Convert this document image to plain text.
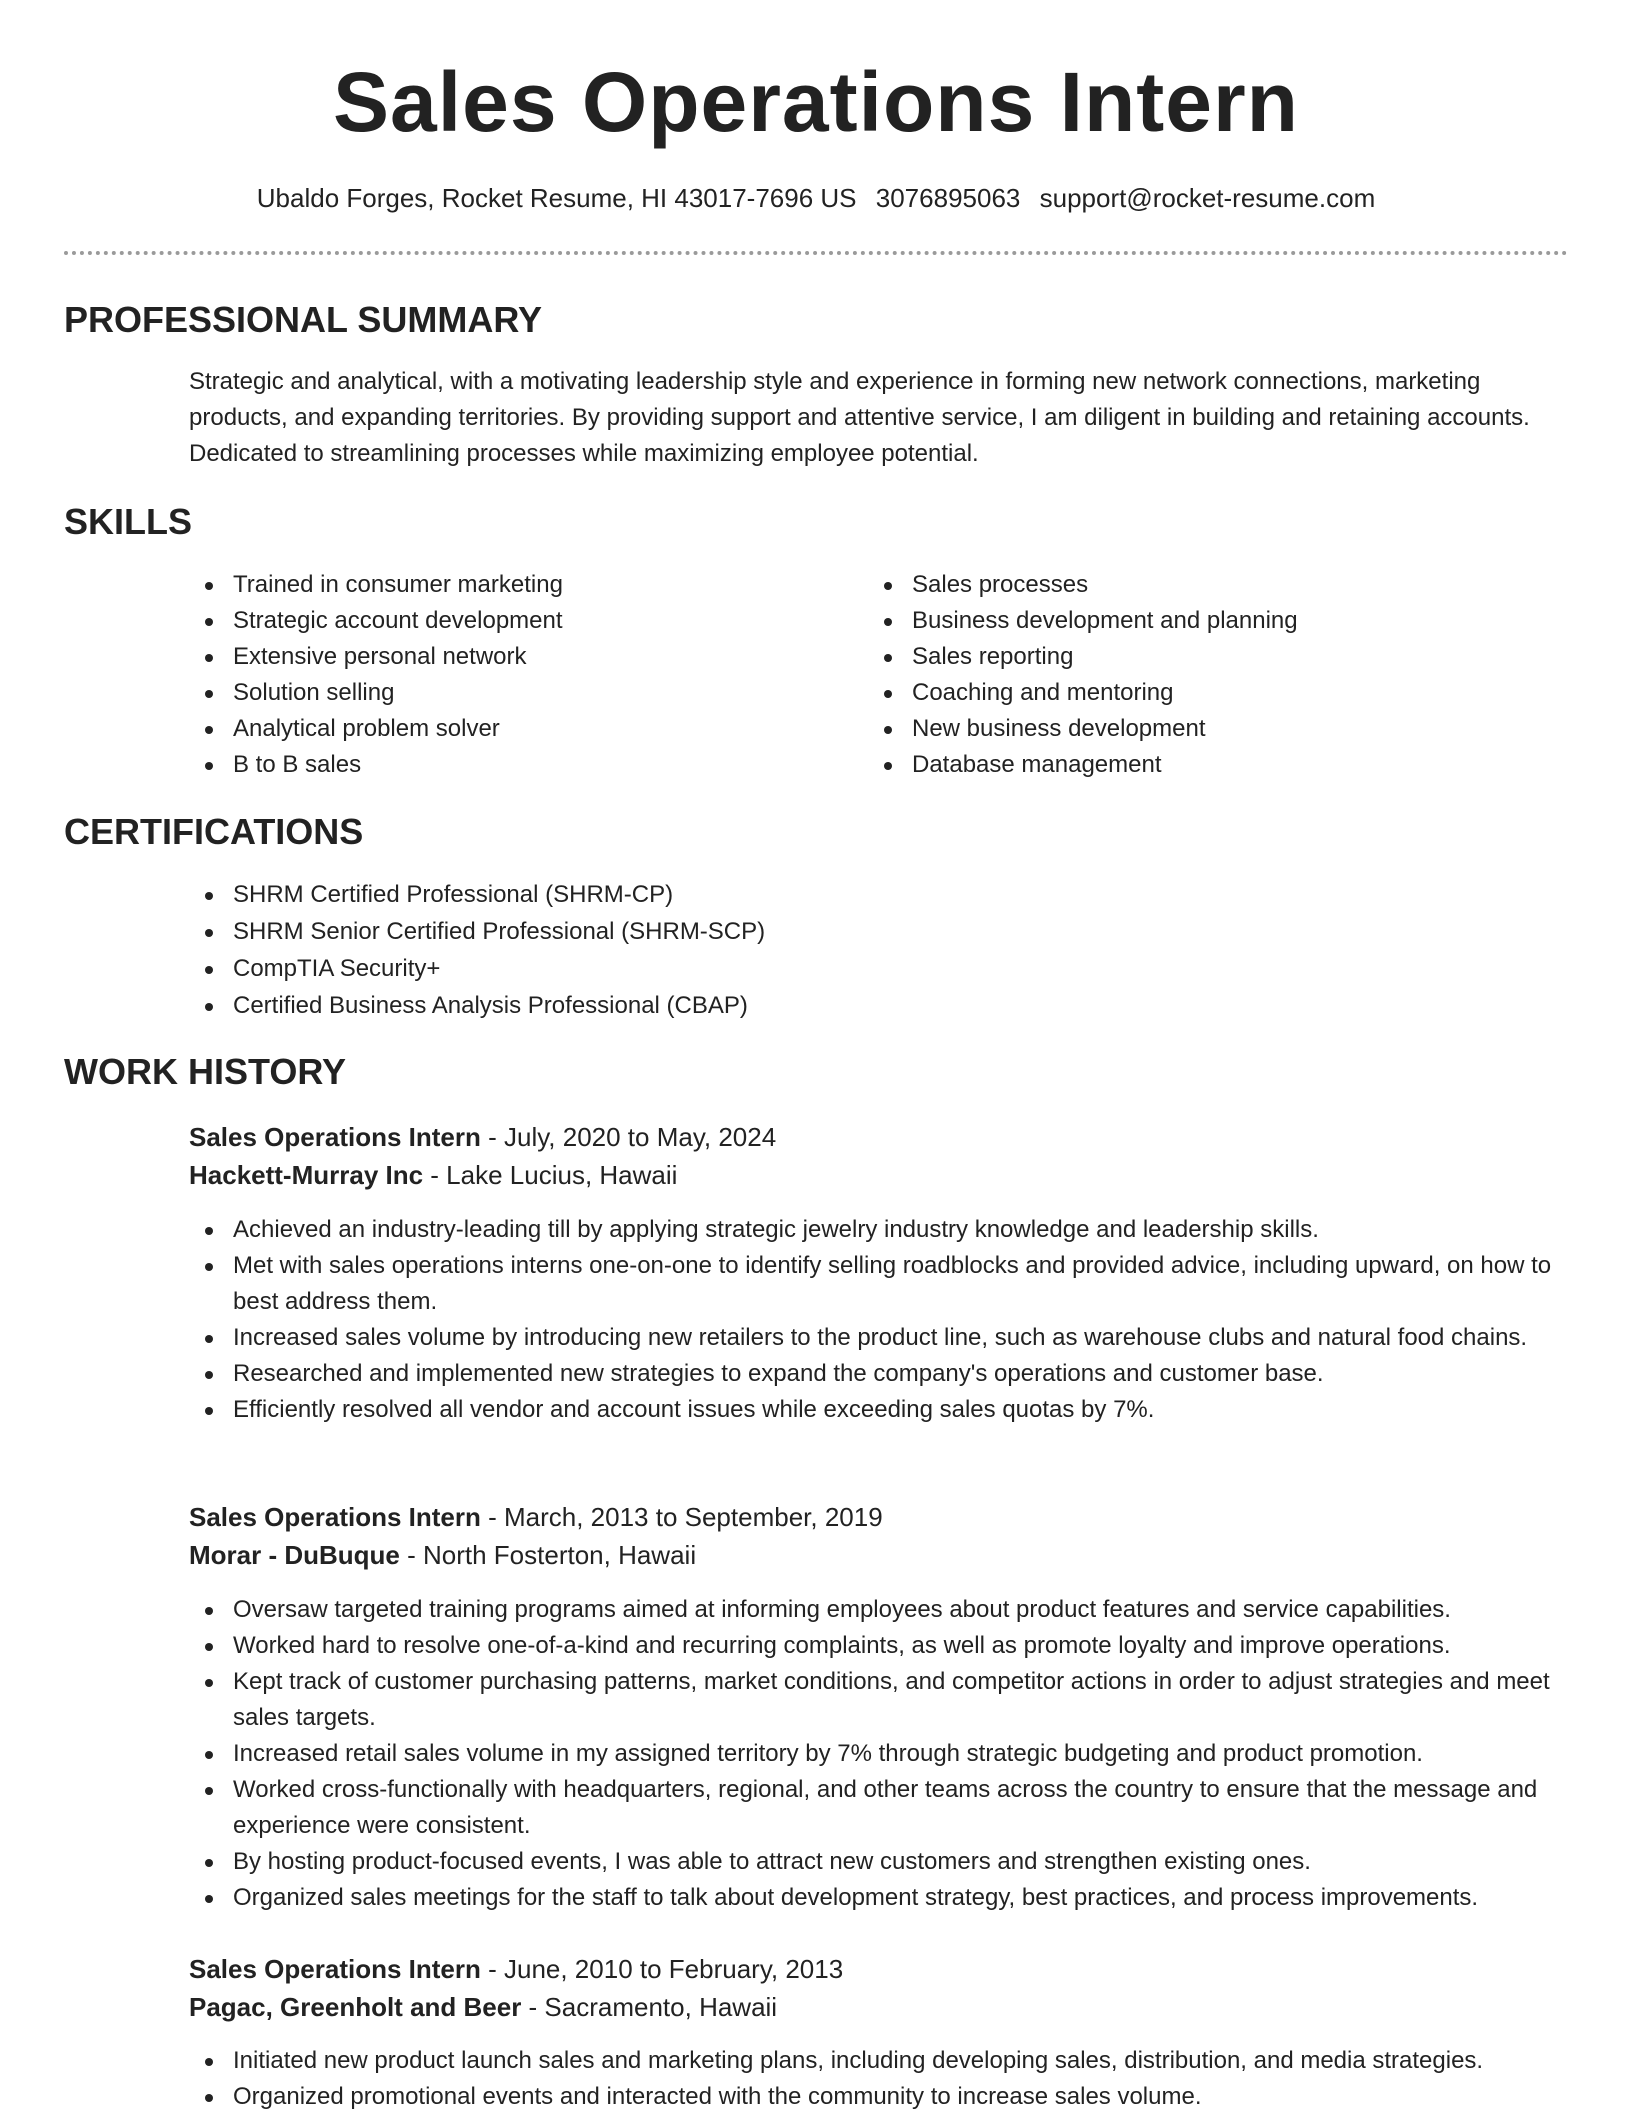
Sales Operations Intern
Ubaldo Forges, Rocket Resume, HI 43017-7696 US 3076895063 support@rocket-resume.com
PROFESSIONAL SUMMARY

Strategic and analytical, with a motivating leadership style and experience in forming new network connections, marketing products, and expanding territories. By providing support and attentive service, I am diligent in building and retaining accounts. Dedicated to streamlining processes while maximizing employee potential.

SKILLS
Trained in consumer marketing
Strategic account development
Extensive personal network
Solution selling
Analytical problem solver
B to B sales
Sales processes
Business development and planning
Sales reporting
Coaching and mentoring
New business development
Database management
CERTIFICATIONS
SHRM Certified Professional (SHRM-CP)
SHRM Senior Certified Professional (SHRM-SCP)
CompTIA Security+
Certified Business Analysis Professional (CBAP)
WORK HISTORY
Sales Operations Intern - July, 2020 to May, 2024
Hackett-Murray Inc - Lake Lucius, Hawaii
Achieved an industry-leading till by applying strategic jewelry industry knowledge and leadership skills.
Met with sales operations interns one-on-one to identify selling roadblocks and provided advice, including upward, on how to best address them.
Increased sales volume by introducing new retailers to the product line, such as warehouse clubs and natural food chains.
Researched and implemented new strategies to expand the company's operations and customer base.
Efficiently resolved all vendor and account issues while exceeding sales quotas by 7%.
Sales Operations Intern - March, 2013 to September, 2019
Morar - DuBuque - North Fosterton, Hawaii
Oversaw targeted training programs aimed at informing employees about product features and service capabilities.
Worked hard to resolve one-of-a-kind and recurring complaints, as well as promote loyalty and improve operations.
Kept track of customer purchasing patterns, market conditions, and competitor actions in order to adjust strategies and meet sales targets.
Increased retail sales volume in my assigned territory by 7% through strategic budgeting and product promotion.
Worked cross-functionally with headquarters, regional, and other teams across the country to ensure that the message and experience were consistent.
By hosting product-focused events, I was able to attract new customers and strengthen existing ones.
Organized sales meetings for the staff to talk about development strategy, best practices, and process improvements.
Sales Operations Intern - June, 2010 to February, 2013
Pagac, Greenholt and Beer - Sacramento, Hawaii
Initiated new product launch sales and marketing plans, including developing sales, distribution, and media strategies.
Organized promotional events and interacted with the community to increase sales volume.
